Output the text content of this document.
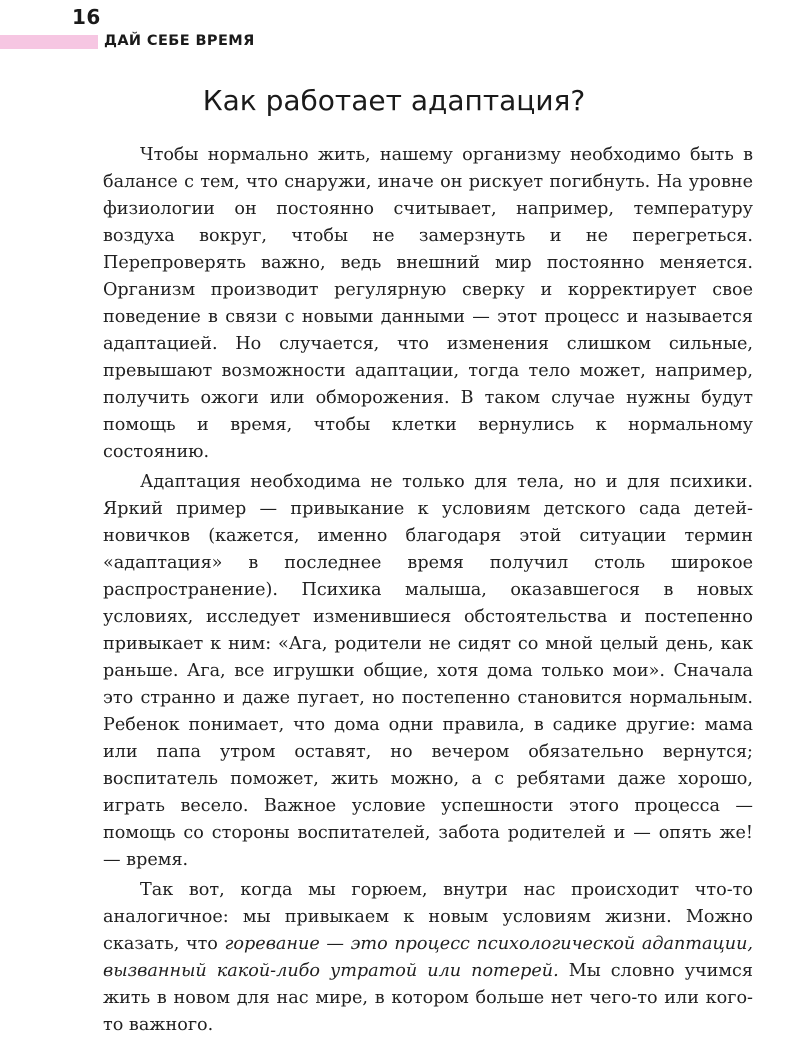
16
ДАЙ СЕБЕ ВРЕМЯ
Как работает адаптация?

Чтобы нормально жить, нашему организму необходимо быть в балансе с тем, что снаружи, иначе он рискует погибнуть. На уровне физиологии он постоянно считывает, например, температуру воздуха вокруг, чтобы не замерзнуть и не перегреться. Перепроверять важно, ведь внешний мир постоянно меняется. Организм производит регулярную сверку и корректирует свое поведение в связи с новыми данными — этот процесс и называется адаптацией. Но случается, что изменения слишком сильные, превышают возможности адаптации, тогда тело может, например, получить ожоги или обморожения. В таком случае нужны будут помощь и время, чтобы клетки вернулись к нормальному состоянию.

Адаптация необходима не только для тела, но и для психики. Яркий пример — привыкание к условиям детского сада детей-новичков (кажется, именно благодаря этой ситуации термин «адаптация» в последнее время получил столь широкое распространение). Психика малыша, оказавшегося в новых условиях, исследует изменившиеся обстоятельства и постепенно привыкает к ним: «Ага, родители не сидят со мной целый день, как раньше. Ага, все игрушки общие, хотя дома только мои». Сначала это странно и даже пугает, но постепенно становится нормальным. Ребенок понимает, что дома одни правила, в садике другие: мама или папа утром оставят, но вечером обязательно вернутся; воспитатель поможет, жить можно, а с ребятами даже хорошо, играть весело. Важное условие успешности этого процесса — помощь со стороны воспитателей, забота родителей и — опять же! — время.

Так вот, когда мы горюем, внутри нас происходит что-то аналогичное: мы привыкаем к новым условиям жизни. Можно сказать, что горевание — это процесс психологической адаптации, вызванный какой-либо утратой или потерей. Мы словно учимся жить в новом для нас мире, в котором больше нет чего-то или кого-то важного.
